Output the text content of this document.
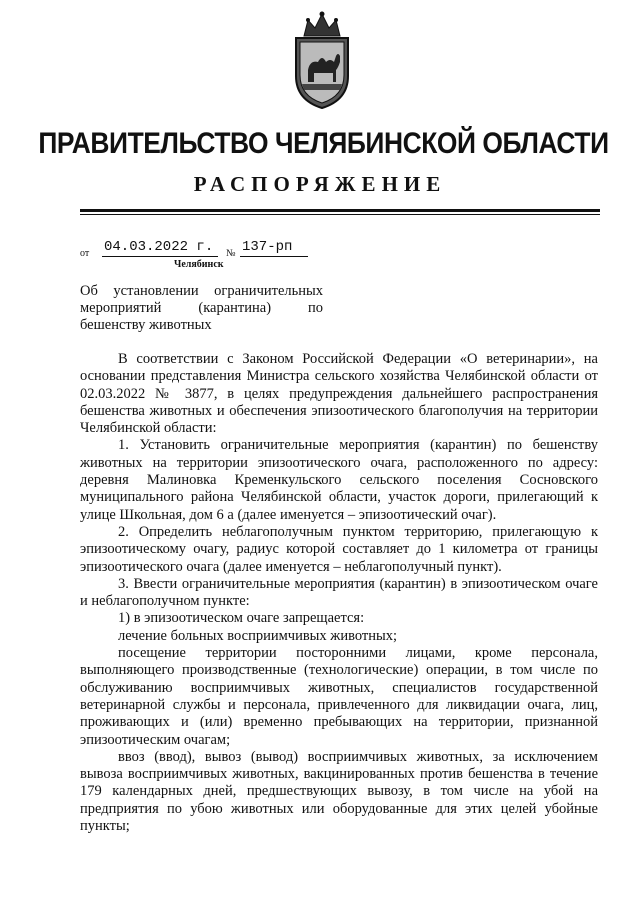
ПРАВИТЕЛЬСТВО ЧЕЛЯБИНСКОЙ ОБЛАСТИ
РАСПОРЯЖЕНИЕ
от 04.03.2022 г.	№ 137-рп
Челябинск
Об установлении ограничительных мероприятий (карантина) по бешенству животных

В соответствии с Законом Российской Федерации «О ветеринарии», на основании представления Министра сельского хозяйства Челябинской области от 02.03.2022 № 3877, в целях предупреждения дальнейшего распространения бешенства животных и обеспечения эпизоотического благополучия на территории Челябинской области:

1. Установить ограничительные мероприятия (карантин) по бешенству животных на территории эпизоотического очага, расположенного по адресу: деревня Малиновка Кременкульского сельского поселения Сосновского муниципального района Челябинской области, участок дороги, прилегающий к улице Школьная, дом 6 а (далее именуется – эпизоотический очаг).

2. Определить неблагополучным пунктом территорию, прилегающую к эпизоотическому очагу, радиус которой составляет до 1 километра от границы эпизоотического очага (далее именуется – неблагополучный пункт).

3. Ввести ограничительные мероприятия (карантин) в эпизоотическом очаге и неблагополучном пункте:

1) в эпизоотическом очаге запрещается:

лечение больных восприимчивых животных;

посещение территории посторонними лицами, кроме персонала, выполняющего производственные (технологические) операции, в том числе по обслуживанию восприимчивых животных, специалистов государственной ветеринарной службы и персонала, привлеченного для ликвидации очага, лиц, проживающих и (или) временно пребывающих на территории, признанной эпизоотическим очагам;

ввоз (ввод), вывоз (вывод) восприимчивых животных, за исключением вывоза восприимчивых животных, вакцинированных против бешенства в течение 179 календарных дней, предшествующих вывозу, в том числе на убой на предприятия по убою животных или оборудованные для этих целей убойные пункты;
